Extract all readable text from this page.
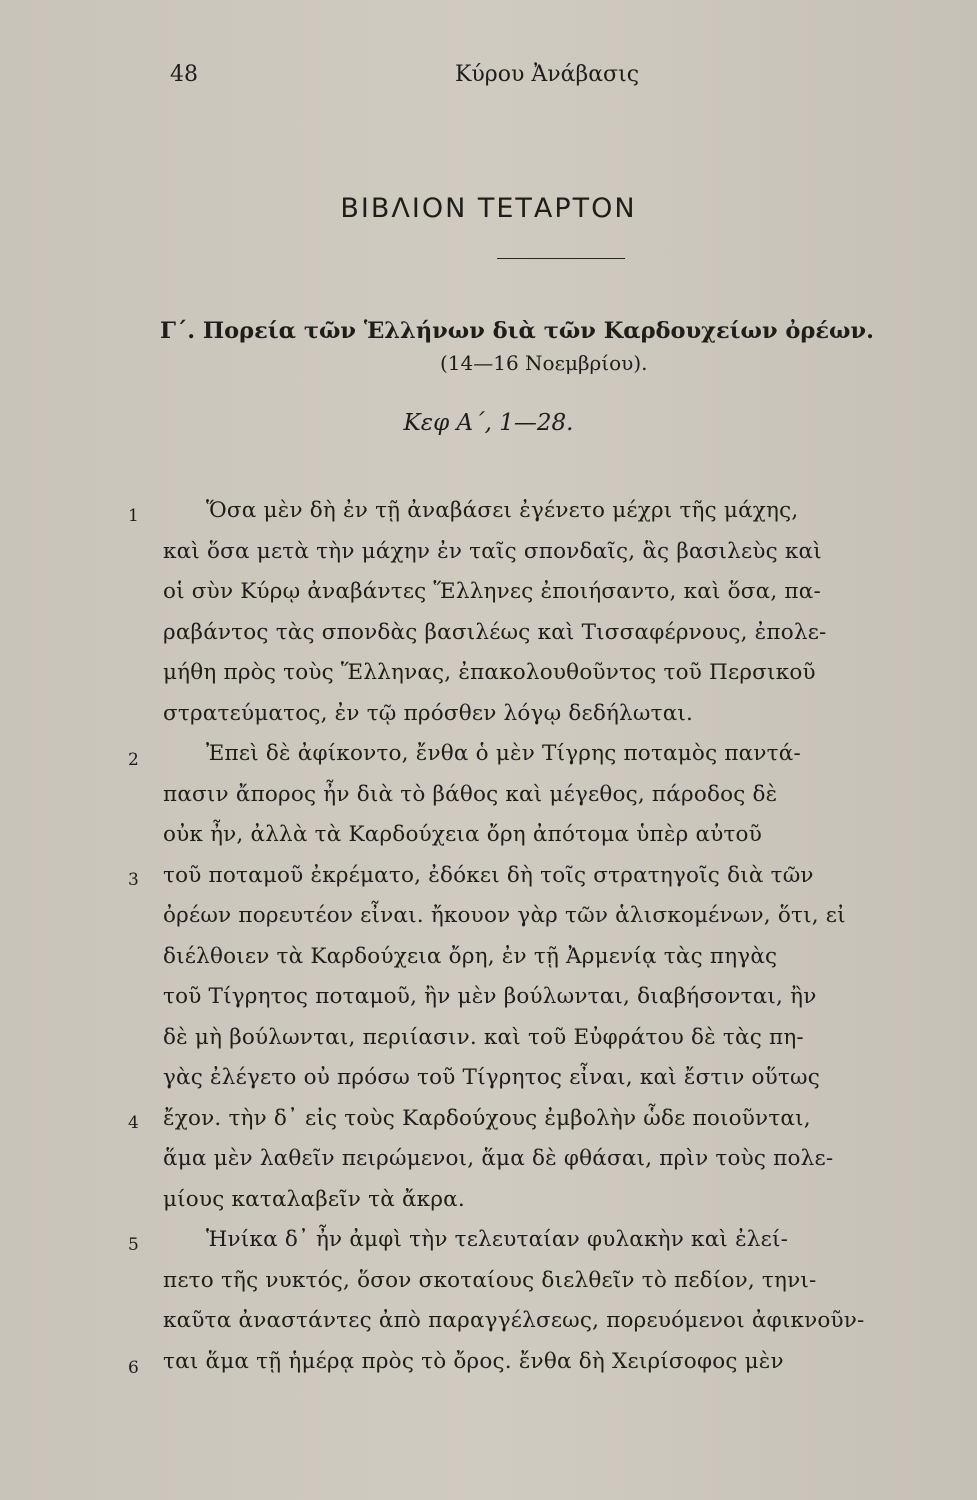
48	Κύρου Ἀνάβασις
ΒΙΒΛΙΟΝ ΤΕΤΑΡΤΟΝ
Γ΄. Πορεία τῶν Ἑλλήνων διὰ τῶν Καρδουχείων ὀρέων.
(14—16 Νοεμβρίου).
Κεφ Α΄, 1—28.
1
2
3
4
5
6
Ὅσα μὲν δὴ ἐν τῇ ἀναβάσει ἐγένετο μέχρι τῆς μάχης,
καὶ ὅσα μετὰ τὴν μάχην ἐν ταῖς σπονδαῖς, ἃς βασιλεὺς καὶ
οἱ σὺν Κύρῳ ἀναβάντες Ἕλληνες ἐποιήσαντο, καὶ ὅσα, πα-
ραβάντος τὰς σπονδὰς βασιλέως καὶ Τισσαφέρνους, ἐπολε-
μήθη πρὸς τοὺς Ἕλληνας, ἐπακολουθοῦντος τοῦ Περσικοῦ
στρατεύματος, ἐν τῷ πρόσθεν λόγῳ δεδήλωται.
Ἐπεὶ δὲ ἀφίκοντο, ἔνθα ὁ μὲν Τίγρης ποταμὸς παντά-
πασιν ἄπορος ἦν διὰ τὸ βάθος καὶ μέγεθος, πάροδος δὲ
οὐκ ἦν, ἀλλὰ τὰ Καρδούχεια ὄρη ἀπότομα ὑπὲρ αὐτοῦ
τοῦ ποταμοῦ ἐκρέματο, ἐδόκει δὴ τοῖς στρατηγοῖς διὰ τῶν
ὀρέων πορευτέον εἶναι. ἤκουον γὰρ τῶν ἁλισκομένων, ὅτι, εἰ
διέλθοιεν τὰ Καρδούχεια ὄρη, ἐν τῇ Ἀρμενίᾳ τὰς πηγὰς
τοῦ Τίγρητος ποταμοῦ, ἢν μὲν βούλωνται, διαβήσονται, ἢν
δὲ μὴ βούλωνται, περιίασιν. καὶ τοῦ Εὐφράτου δὲ τὰς πη-
γὰς ἐλέγετο οὐ πρόσω τοῦ Τίγρητος εἶναι, καὶ ἔστιν οὕτως
ἔχον. τὴν δ᾽ εἰς τοὺς Καρδούχους ἐμβολὴν ὧδε ποιοῦνται,
ἅμα μὲν λαθεῖν πειρώμενοι, ἅμα δὲ φθάσαι, πρὶν τοὺς πολε-
μίους καταλαβεῖν τὰ ἄκρα.
Ἡνίκα δ᾽ ἦν ἀμφὶ τὴν τελευταίαν φυλακὴν καὶ ἐλεί-
πετο τῆς νυκτός, ὅσον σκοταίους διελθεῖν τὸ πεδίον, τηνι-
καῦτα ἀναστάντες ἀπὸ παραγγέλσεως, πορευόμενοι ἀφικνοῦν-
ται ἅμα τῇ ἡμέρᾳ πρὸς τὸ ὄρος. ἔνθα δὴ Χειρίσοφος μὲν
